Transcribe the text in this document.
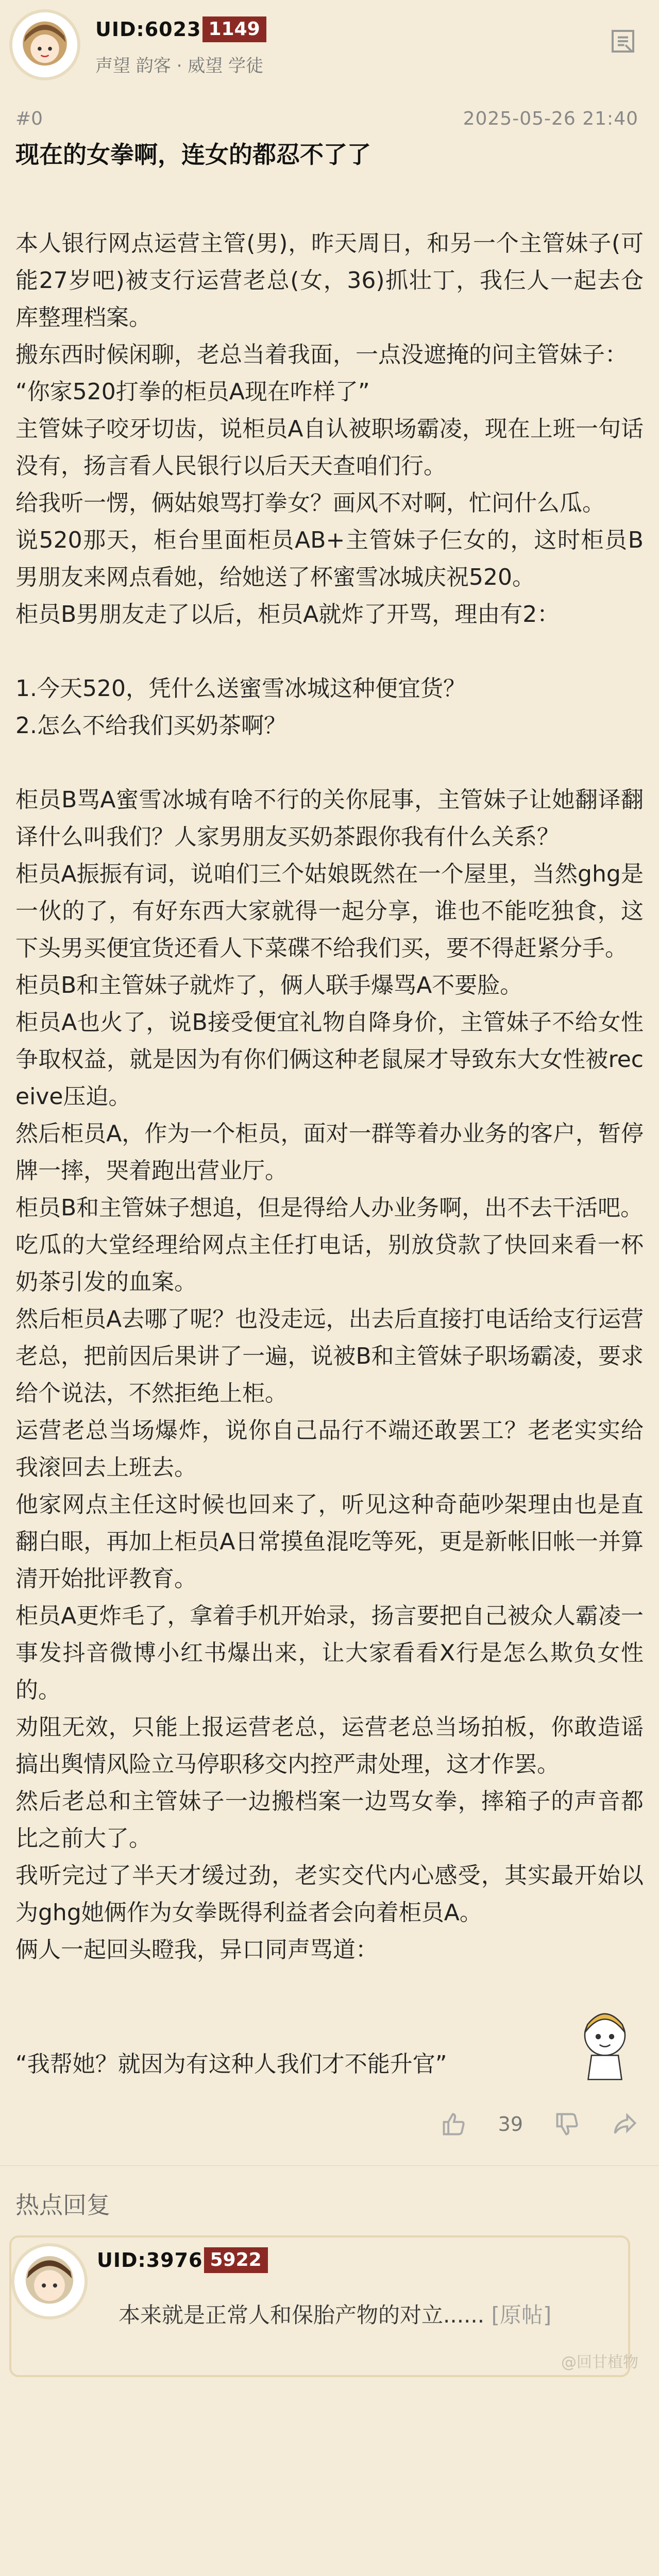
UID:6023 1149
声望 韵客 · 威望 学徒
#0	2025-05-26 21:40
现在的女拳啊，连女的都忍不了了

本人银行网点运营主管(男)，昨天周日，和另一个主管妹子(可能27岁吧)被支行运营老总(女，36)抓壮丁，我仨人一起去仓库整理档案。

搬东西时候闲聊，老总当着我面，一点没遮掩的问主管妹子：

“你家520打拳的柜员A现在咋样了”

主管妹子咬牙切齿，说柜员A自认被职场霸凌，现在上班一句话没有，扬言看人民银行以后天天查咱们行。

给我听一愣，俩姑娘骂打拳女？画风不对啊，忙问什么瓜。

说520那天，柜台里面柜员AB+主管妹子仨女的，这时柜员B男朋友来网点看她，给她送了杯蜜雪冰城庆祝520。

柜员B男朋友走了以后，柜员A就炸了开骂，理由有2：

1.今天520，凭什么送蜜雪冰城这种便宜货？

2.怎么不给我们买奶茶啊？

柜员B骂A蜜雪冰城有啥不行的关你屁事，主管妹子让她翻译翻译什么叫我们？人家男朋友买奶茶跟你我有什么关系？

柜员A振振有词，说咱们三个姑娘既然在一个屋里，当然ghg是一伙的了，有好东西大家就得一起分享，谁也不能吃独食，这下头男买便宜货还看人下菜碟不给我们买，要不得赶紧分手。

柜员B和主管妹子就炸了，俩人联手爆骂A不要脸。

柜员A也火了，说B接受便宜礼物自降身价，主管妹子不给女性争取权益，就是因为有你们俩这种老鼠屎才导致东大女性被receive压迫。

然后柜员A，作为一个柜员，面对一群等着办业务的客户，暂停牌一摔，哭着跑出营业厅。

柜员B和主管妹子想追，但是得给人办业务啊，出不去干活吧。

吃瓜的大堂经理给网点主任打电话，别放贷款了快回来看一杯奶茶引发的血案。

然后柜员A去哪了呢？也没走远，出去后直接打电话给支行运营老总，把前因后果讲了一遍，说被B和主管妹子职场霸凌，要求给个说法，不然拒绝上柜。

运营老总当场爆炸，说你自己品行不端还敢罢工？老老实实给我滚回去上班去。

他家网点主任这时候也回来了，听见这种奇葩吵架理由也是直翻白眼，再加上柜员A日常摸鱼混吃等死，更是新帐旧帐一并算清开始批评教育。

柜员A更炸毛了，拿着手机开始录，扬言要把自己被众人霸凌一事发抖音微博小红书爆出来，让大家看看X行是怎么欺负女性的。

劝阻无效，只能上报运营老总，运营老总当场拍板，你敢造谣搞出舆情风险立马停职移交内控严肃处理，这才作罢。

然后老总和主管妹子一边搬档案一边骂女拳，摔箱子的声音都比之前大了。

我听完过了半天才缓过劲，老实交代内心感受，其实最开始以为ghg她俩作为女拳既得利益者会向着柜员A。

俩人一起回头瞪我，异口同声骂道：

“我帮她？就因为有这种人我们才不能升官”

39
热点回复
UID:3976 5922
本来就是正常人和保胎产物的对立...... [原帖]
@回甘植物
